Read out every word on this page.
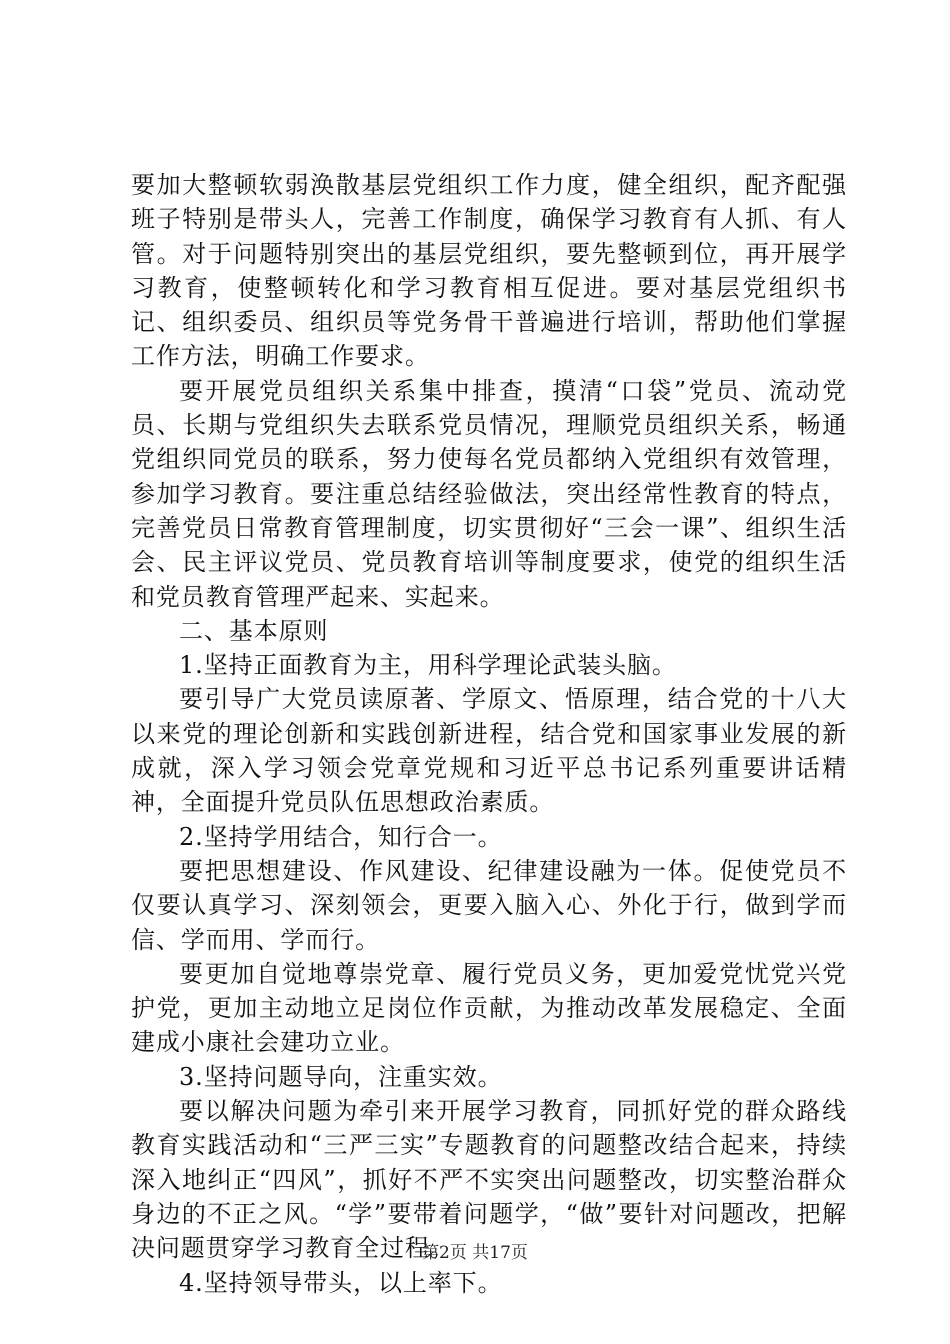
要加大整顿软弱涣散基层党组织工作力度，健全组织，配齐配强班子特别是带头人，完善工作制度，确保学习教育有人抓、有人管。对于问题特别突出的基层党组织，要先整顿到位，再开展学习教育，使整顿转化和学习教育相互促进。要对基层党组织书记、组织委员、组织员等党务骨干普遍进行培训，帮助他们掌握工作方法，明确工作要求。

要开展党员组织关系集中排查，摸清“口袋”党员、流动党员、长期与党组织失去联系党员情况，理顺党员组织关系，畅通党组织同党员的联系，努力使每名党员都纳入党组织有效管理，参加学习教育。要注重总结经验做法，突出经常性教育的特点，完善党员日常教育管理制度，切实贯彻好“三会一课”、组织生活会、民主评议党员、党员教育培训等制度要求，使党的组织生活和党员教育管理严起来、实起来。

二、基本原则

1.坚持正面教育为主，用科学理论武装头脑。

要引导广大党员读原著、学原文、悟原理，结合党的十八大以来党的理论创新和实践创新进程，结合党和国家事业发展的新成就，深入学习领会党章党规和习近平总书记系列重要讲话精神，全面提升党员队伍思想政治素质。

2.坚持学用结合，知行合一。

要把思想建设、作风建设、纪律建设融为一体。促使党员不仅要认真学习、深刻领会，更要入脑入心、外化于行，做到学而信、学而用、学而行。

要更加自觉地尊崇党章、履行党员义务，更加爱党忧党兴党护党，更加主动地立足岗位作贡献，为推动改革发展稳定、全面建成小康社会建功立业。

3.坚持问题导向，注重实效。

要以解决问题为牵引来开展学习教育，同抓好党的群众路线教育实践活动和“三严三实”专题教育的问题整改结合起来，持续深入地纠正“四风”，抓好不严不实突出问题整改，切实整治群众身边的不正之风。“学”要带着问题学，“做”要针对问题改，把解决问题贯穿学习教育全过程。

4.坚持领导带头，以上率下。

第2页 共17页
